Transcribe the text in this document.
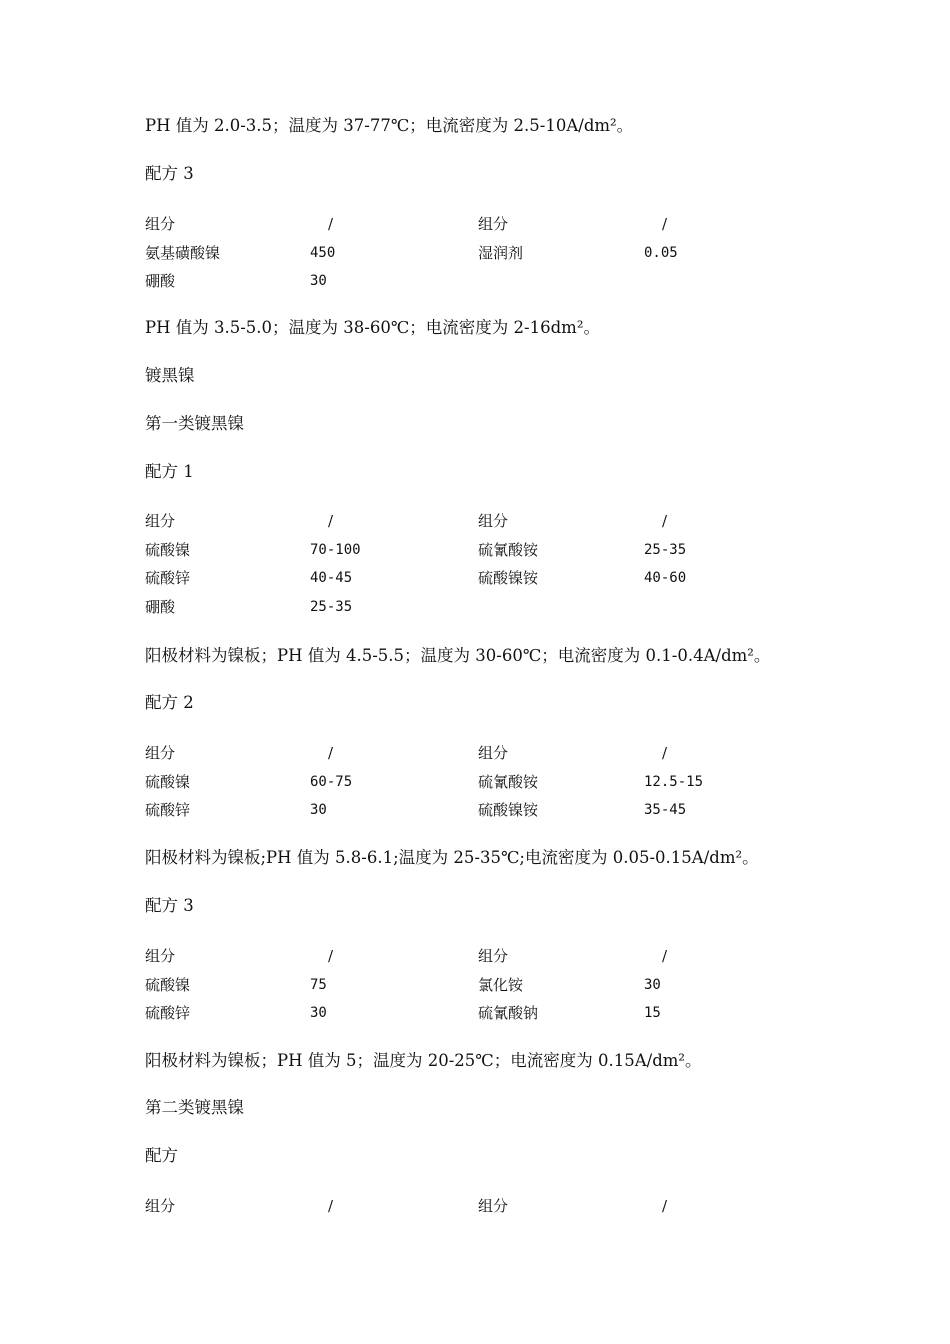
PH 值为 2.0-3.5；温度为 37-77℃；电流密度为 2.5-10A/dm²。
配方 3
组分	/	组分	/
氨基磺酸镍	450	湿润剂	0.05
硼酸	30
PH 值为 3.5-5.0；温度为 38-60℃；电流密度为 2-16dm²。
镀黑镍
第一类镀黑镍
配方 1
组分	/	组分	/
硫酸镍	70-100	硫氰酸铵	25-35
硫酸锌	40-45	硫酸镍铵	40-60
硼酸	25-35
阳极材料为镍板；PH 值为 4.5-5.5；温度为 30-60℃；电流密度为 0.1-0.4A/dm²。
配方 2
组分	/	组分	/
硫酸镍	60-75	硫氰酸铵	12.5-15
硫酸锌	30	硫酸镍铵	35-45
阳极材料为镍板;PH 值为 5.8-6.1;温度为 25-35℃;电流密度为 0.05-0.15A/dm²。
配方 3
组分	/	组分	/
硫酸镍	75	氯化铵	30
硫酸锌	30	硫氰酸钠	15
阳极材料为镍板；PH 值为 5；温度为 20-25℃；电流密度为 0.15A/dm²。
第二类镀黑镍
配方
组分	/	组分	/
